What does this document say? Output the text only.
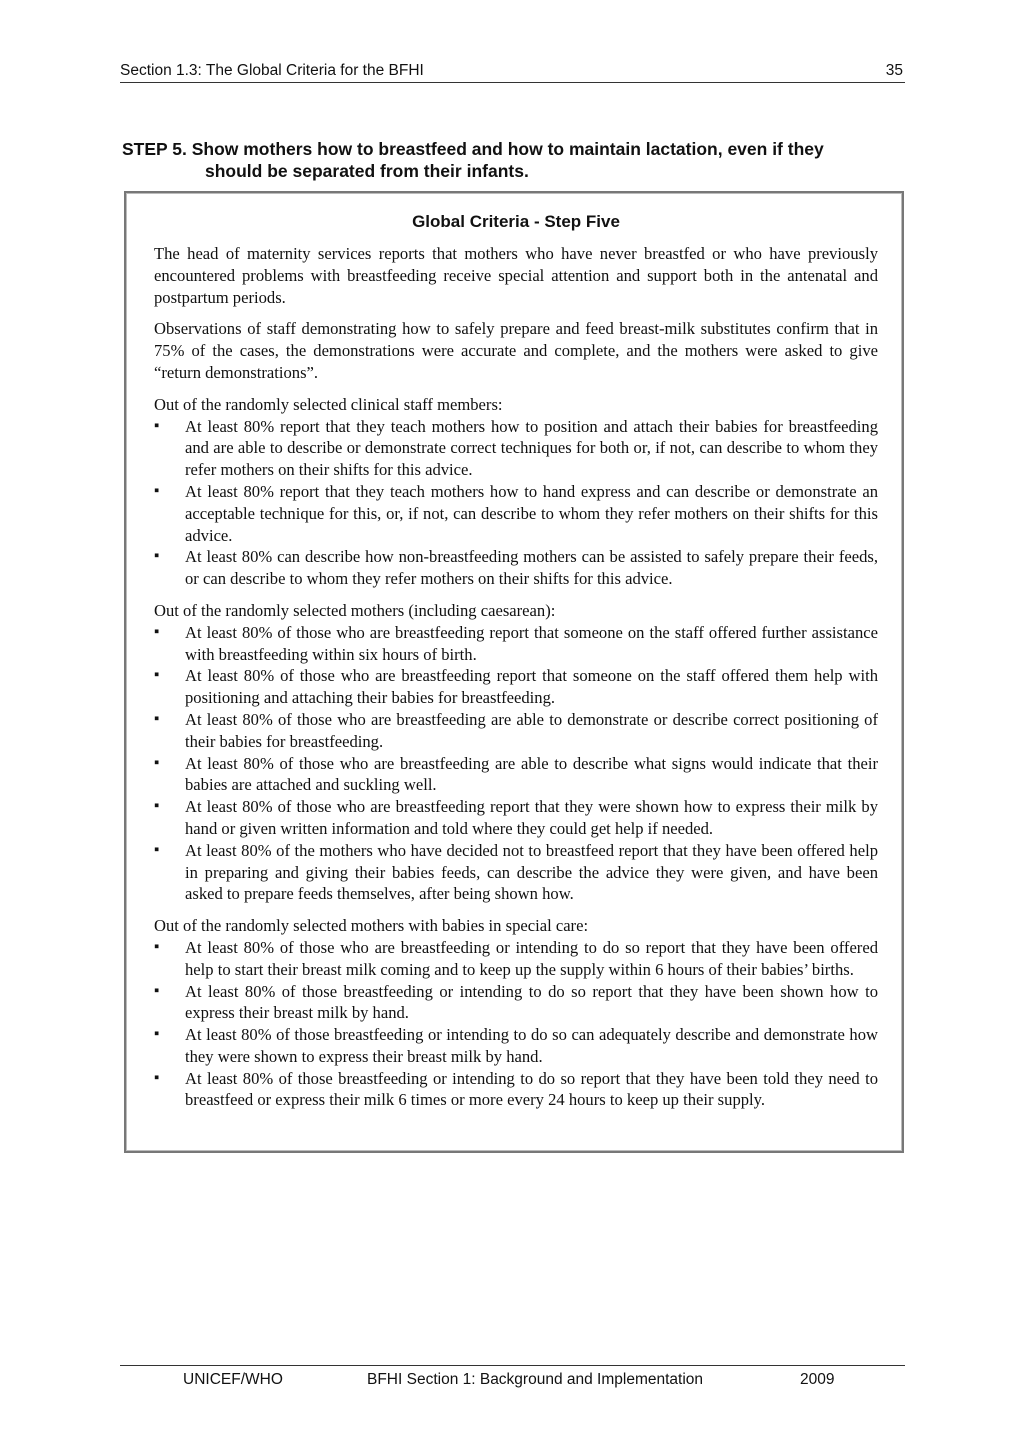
Section 1.3: The Global Criteria for the BFHI	35
STEP 5. Show mothers how to breastfeed and how to maintain lactation, even if they
should be separated from their infants.
Global Criteria - Step Five

The head of maternity services reports that mothers who have never breastfed or who have previously encountered problems with breastfeeding receive special attention and support both in the antenatal and postpartum periods.

Observations of staff demonstrating how to safely prepare and feed breast-milk substitutes confirm that in 75% of the cases, the demonstrations were accurate and complete, and the mothers were asked to give “return demonstrations”.

Out of the randomly selected clinical staff members:

▪ At least 80% report that they teach mothers how to position and attach their babies for breastfeeding and are able to describe or demonstrate correct techniques for both or, if not, can describe to whom they refer mothers on their shifts for this advice.
▪ At least 80% report that they teach mothers how to hand express and can describe or demonstrate an acceptable technique for this, or, if not, can describe to whom they refer mothers on their shifts for this advice.
▪ At least 80% can describe how non-breastfeeding mothers can be assisted to safely prepare their feeds, or can describe to whom they refer mothers on their shifts for this advice.

Out of the randomly selected mothers (including caesarean):

▪ At least 80% of those who are breastfeeding report that someone on the staff offered further assistance with breastfeeding within six hours of birth.
▪ At least 80% of those who are breastfeeding report that someone on the staff offered them help with positioning and attaching their babies for breastfeeding.
▪ At least 80% of those who are breastfeeding are able to demonstrate or describe correct positioning of their babies for breastfeeding.
▪ At least 80% of those who are breastfeeding are able to describe what signs would indicate that their babies are attached and suckling well.
▪ At least 80% of those who are breastfeeding report that they were shown how to express their milk by hand or given written information and told where they could get help if needed.
▪ At least 80% of the mothers who have decided not to breastfeed report that they have been offered help in preparing and giving their babies feeds, can describe the advice they were given, and have been asked to prepare feeds themselves, after being shown how.

Out of the randomly selected mothers with babies in special care:

▪ At least 80% of those who are breastfeeding or intending to do so report that they have been offered help to start their breast milk coming and to keep up the supply within 6 hours of their babies’ births.
▪ At least 80% of those breastfeeding or intending to do so report that they have been shown how to express their breast milk by hand.
▪ At least 80% of those breastfeeding or intending to do so can adequately describe and demonstrate how they were shown to express their breast milk by hand.
▪ At least 80% of those breastfeeding or intending to do so report that they have been told they need to breastfeed or express their milk 6 times or more every 24 hours to keep up their supply.
UNICEF/WHO	BFHI Section 1: Background and Implementation	2009
